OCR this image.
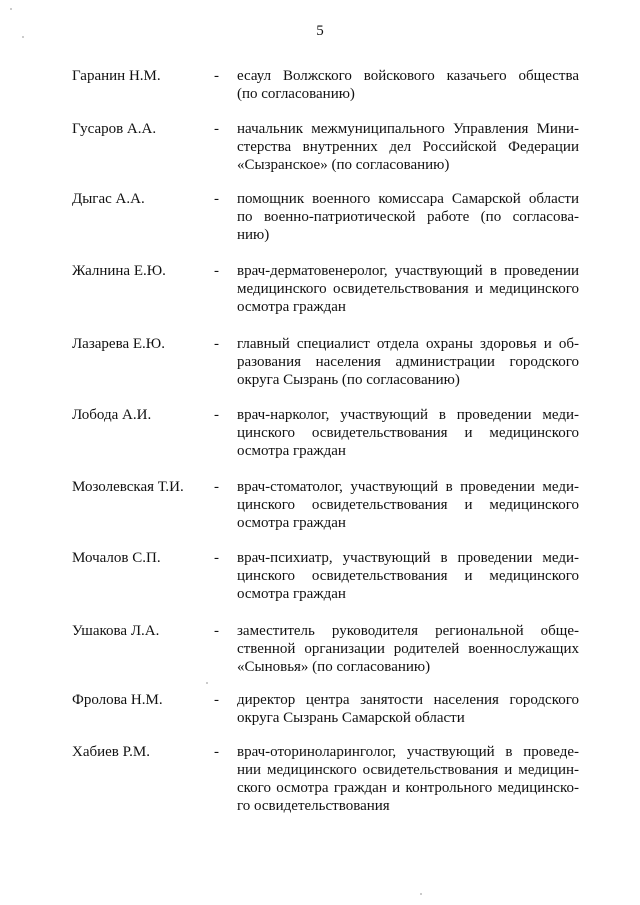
5
Гаранин Н.М.	- есаул Волжского войскового казачьего общества
(по согласованию)
Гусаров А.А.	- начальник межмуниципального Управления Мини-
стерства внутренних дел Российской Федерации
«Сызранское» (по согласованию)
Дыгас А.А.	- помощник военного комиссара Самарской области
по военно-патриотической работе (по согласова-
нию)
Жалнина Е.Ю.	- врач-дерматовенеролог, участвующий в проведении
медицинского освидетельствования и медицинского
осмотра граждан
Лазарева Е.Ю.	- главный специалист отдела охраны здоровья и об-
разования населения администрации городского
округа Сызрань (по согласованию)
Лобода А.И.	- врач-нарколог, участвующий в проведении меди-
цинского освидетельствования и медицинского
осмотра граждан
Мозолевская Т.И. - врач-стоматолог, участвующий в проведении меди-
цинского освидетельствования и медицинского
осмотра граждан
Мочалов С.П.	- врач-психиатр, участвующий в проведении меди-
цинского освидетельствования и медицинского
осмотра граждан
Ушакова Л.А.	- заместитель руководителя региональной обще-
ственной организации родителей военнослужащих
«Сыновья» (по согласованию)
Фролова Н.М.	- директор центра занятости населения городского
округа Сызрань Самарской области
Хабиев Р.М.	- врач-оториноларинголог, участвующий в проведе-
нии медицинского освидетельствования и медицин-
ского осмотра граждан и контрольного медицинско-
го освидетельствования
